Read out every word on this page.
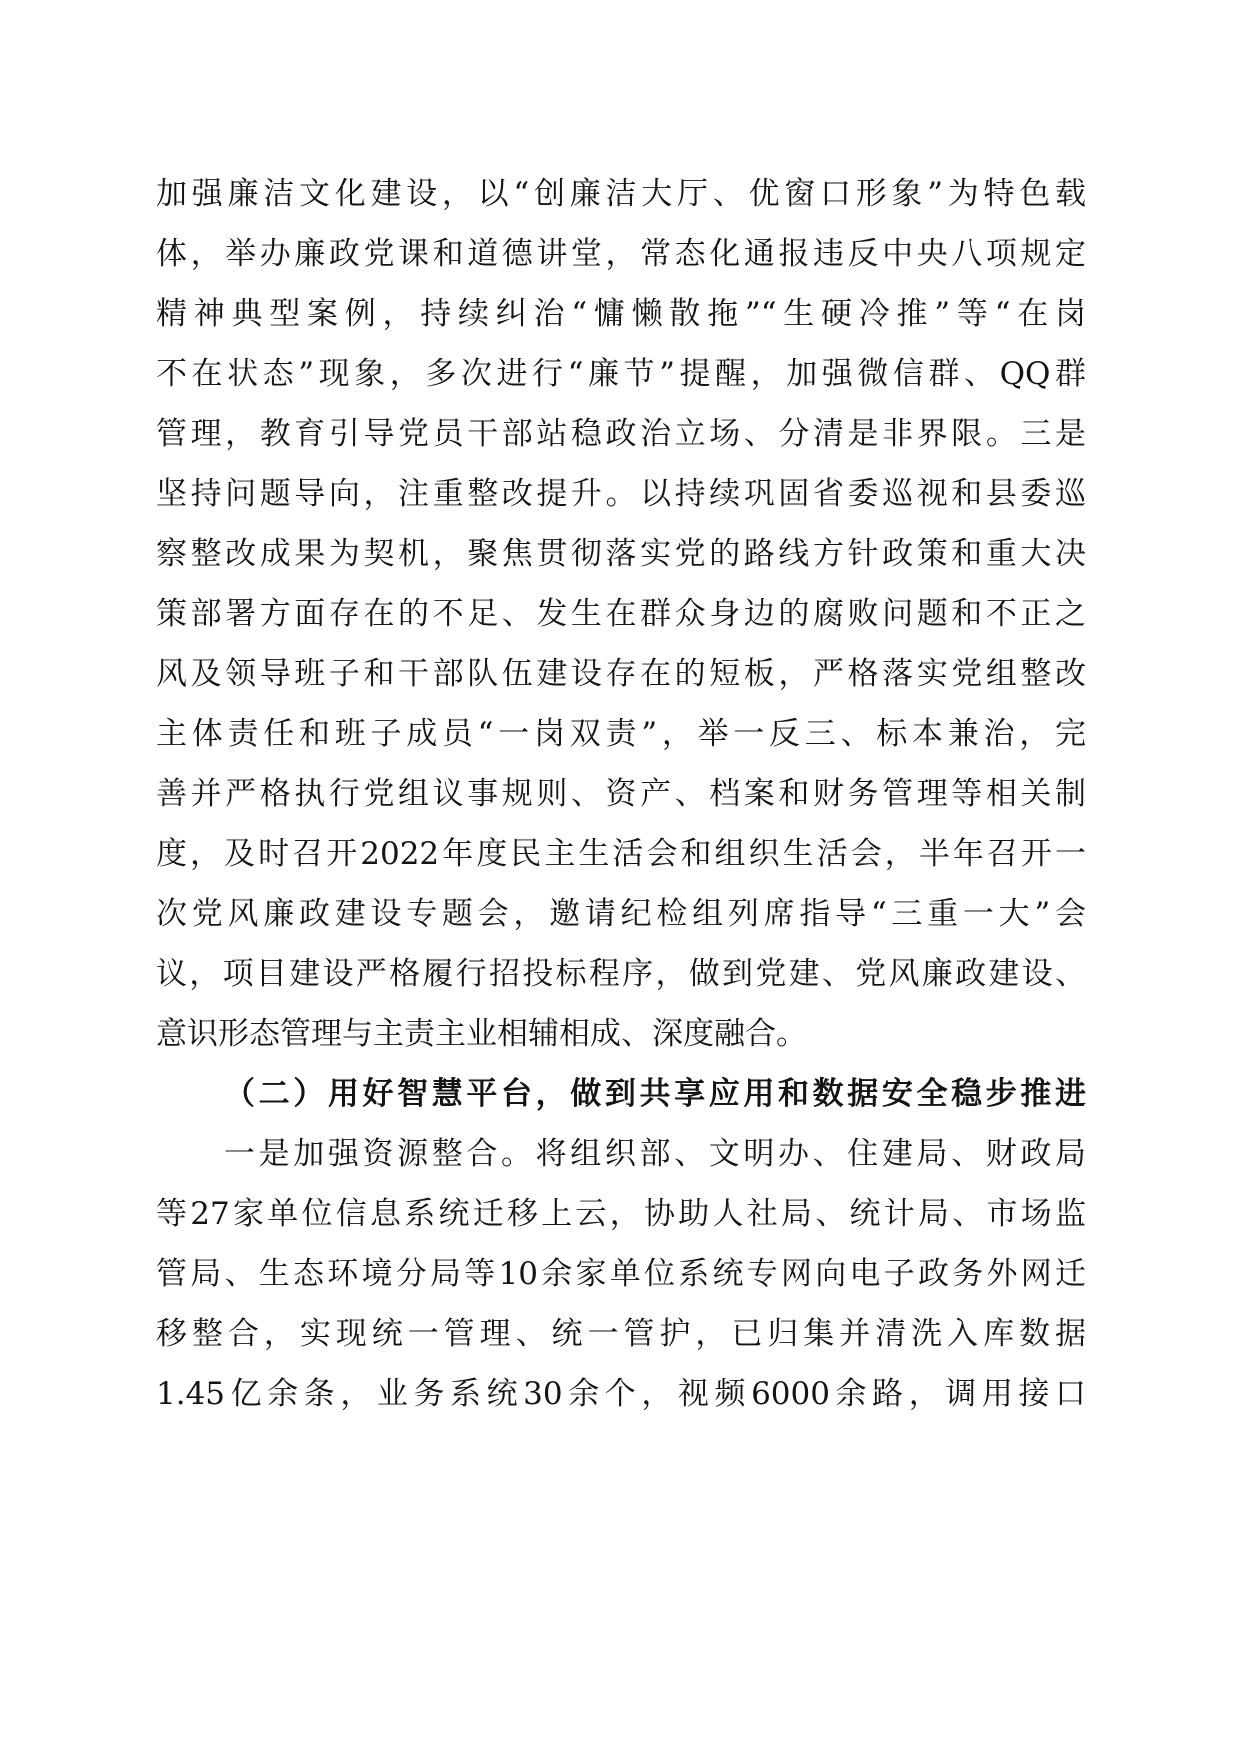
加强廉洁文化建设，以“创廉洁大厅、优窗口形象”为特色载
体，举办廉政党课和道德讲堂，常态化通报违反中央八项规定
精神典型案例，持续纠治“慵懒散拖”“生硬冷推”等“在岗
不在状态”现象，多次进行“廉节”提醒，加强微信群、QQ群
管理，教育引导党员干部站稳政治立场、分清是非界限。三是
坚持问题导向，注重整改提升。以持续巩固省委巡视和县委巡
察整改成果为契机，聚焦贯彻落实党的路线方针政策和重大决
策部署方面存在的不足、发生在群众身边的腐败问题和不正之
风及领导班子和干部队伍建设存在的短板，严格落实党组整改
主体责任和班子成员“一岗双责”，举一反三、标本兼治，完
善并严格执行党组议事规则、资产、档案和财务管理等相关制
度，及时召开2022年度民主生活会和组织生活会，半年召开一
次党风廉政建设专题会，邀请纪检组列席指导“三重一大”会
议，项目建设严格履行招投标程序，做到党建、党风廉政建设、
意识形态管理与主责主业相辅相成、深度融合。
（二）用好智慧平台，做到共享应用和数据安全稳步推进
一是加强资源整合。将组织部、文明办、住建局、财政局
等27家单位信息系统迁移上云，协助人社局、统计局、市场监
管局、生态环境分局等10余家单位系统专网向电子政务外网迁
移整合，实现统一管理、统一管护，已归集并清洗入库数据
1.45亿余条，业务系统30余个，视频6000余路，调用接口
